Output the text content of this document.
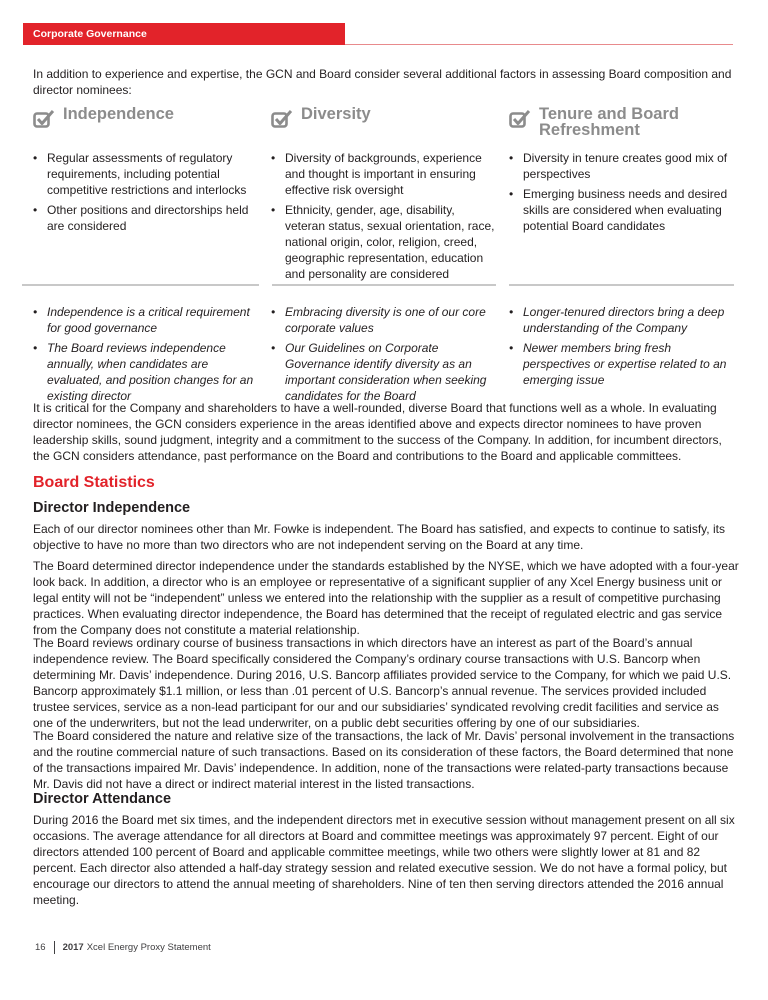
Corporate Governance

In addition to experience and expertise, the GCN and Board consider several additional factors in assessing Board composition and director nominees:

Independence
• Regular assessments of regulatory requirements, including potential competitive restrictions and interlocks
• Other positions and directorships held are considered
Diversity
• Diversity of backgrounds, experience and thought is important in ensuring effective risk oversight
• Ethnicity, gender, age, disability, veteran status, sexual orientation, race, national origin, color, religion, creed, geographic representation, education and personality are considered
Tenure and Board
Refreshment
• Diversity in tenure creates good mix of perspectives
• Emerging business needs and desired skills are considered when evaluating potential Board candidates
• Independence is a critical requirement for good governance
• The Board reviews independence annually, when candidates are evaluated, and position changes for an existing director
• Embracing diversity is one of our core corporate values
• Our Guidelines on Corporate Governance identify diversity as an important consideration when seeking candidates for the Board
• Longer-tenured directors bring a deep understanding of the Company
• Newer members bring fresh perspectives or expertise related to an emerging issue

It is critical for the Company and shareholders to have a well-rounded, diverse Board that functions well as a whole. In evaluating director nominees, the GCN considers experience in the areas identified above and expects director nominees to have proven leadership skills, sound judgment, integrity and a commitment to the success of the Company. In addition, for incumbent directors, the GCN considers attendance, past performance on the Board and contributions to the Board and applicable committees.

Board Statistics
Director Independence

Each of our director nominees other than Mr. Fowke is independent. The Board has satisfied, and expects to continue to satisfy, its objective to have no more than two directors who are not independent serving on the Board at any time.

The Board determined director independence under the standards established by the NYSE, which we have adopted with a four-year look back. In addition, a director who is an employee or representative of a significant supplier of any Xcel Energy business unit or legal entity will not be “independent” unless we entered into the relationship with the supplier as a result of competitive purchasing practices. When evaluating director independence, the Board has determined that the receipt of regulated electric and gas service from the Company does not constitute a material relationship.

The Board reviews ordinary course of business transactions in which directors have an interest as part of the Board’s annual independence review. The Board specifically considered the Company’s ordinary course transactions with U.S. Bancorp when determining Mr. Davis’ independence. During 2016, U.S. Bancorp affiliates provided service to the Company, for which we paid U.S. Bancorp approximately $1.1 million, or less than .01 percent of U.S. Bancorp’s annual revenue. The services provided included trustee services, service as a non-lead participant for our and our subsidiaries’ syndicated revolving credit facilities and service as one of the underwriters, but not the lead underwriter, on a public debt securities offering by one of our subsidiaries.

The Board considered the nature and relative size of the transactions, the lack of Mr. Davis’ personal involvement in the transactions and the routine commercial nature of such transactions. Based on its consideration of these factors, the Board determined that none of the transactions impaired Mr. Davis’ independence. In addition, none of the transactions were related-party transactions because Mr. Davis did not have a direct or indirect material interest in the listed transactions.

Director Attendance

During 2016 the Board met six times, and the independent directors met in executive session without management present on all six occasions. The average attendance for all directors at Board and committee meetings was approximately 97 percent. Eight of our directors attended 100 percent of Board and applicable committee meetings, while two others were slightly lower at 81 and 82 percent. Each director also attended a half-day strategy session and related executive session. We do not have a formal policy, but encourage our directors to attend the annual meeting of shareholders. Nine of ten then serving directors attended the 2016 annual meeting.

16 2017 Xcel Energy Proxy Statement
